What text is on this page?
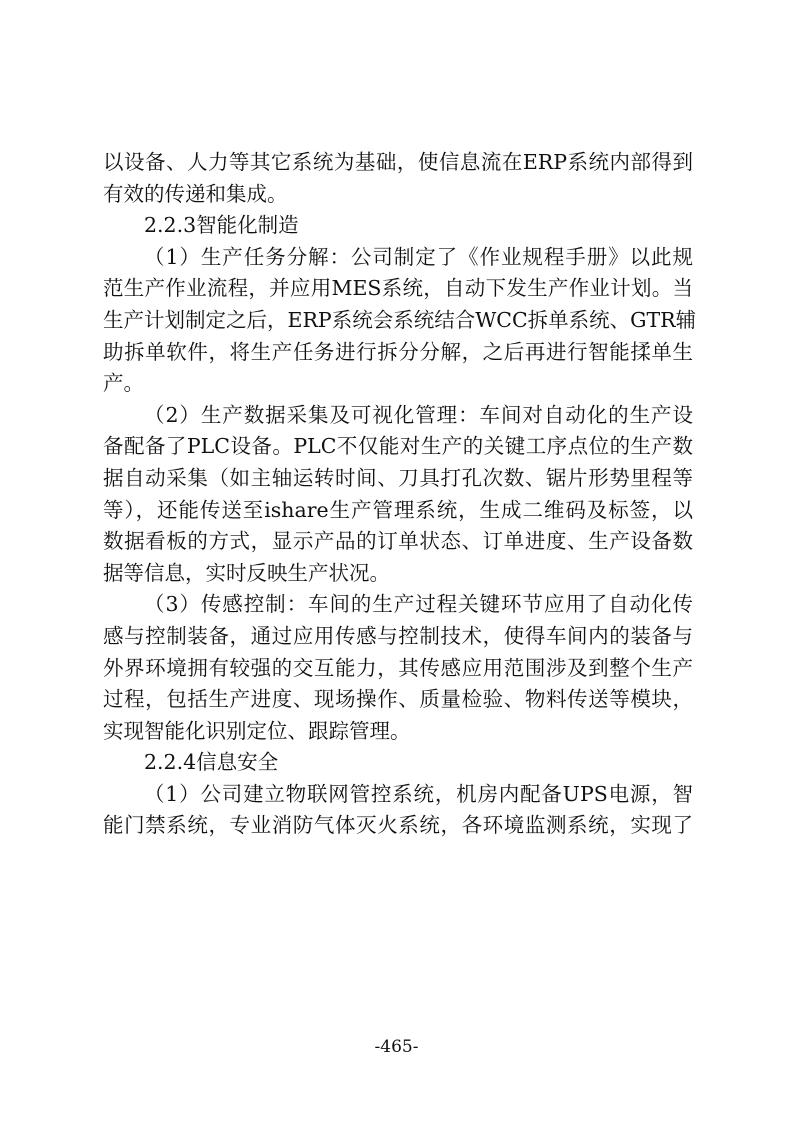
以设备、人力等其它系统为基础，使信息流在ERP系统内部得到
有效的传递和集成。
2.2.3智能化制造
（1）生产任务分解：公司制定了《作业规程手册》以此规
范生产作业流程，并应用MES系统，自动下发生产作业计划。当
生产计划制定之后，ERP系统会系统结合WCC拆单系统、GTR辅
助拆单软件，将生产任务进行拆分分解，之后再进行智能揉单生
产。
（2）生产数据采集及可视化管理：车间对自动化的生产设
备配备了PLC设备。PLC不仅能对生产的关键工序点位的生产数
据自动采集（如主轴运转时间、刀具打孔次数、锯片形势里程等
等），还能传送至ishare生产管理系统，生成二维码及标签，以
数据看板的方式，显示产品的订单状态、订单进度、生产设备数
据等信息，实时反映生产状况。
（3）传感控制：车间的生产过程关键环节应用了自动化传
感与控制装备，通过应用传感与控制技术，使得车间内的装备与
外界环境拥有较强的交互能力，其传感应用范围涉及到整个生产
过程，包括生产进度、现场操作、质量检验、物料传送等模块，
实现智能化识别定位、跟踪管理。
2.2.4信息安全
（1）公司建立物联网管控系统，机房内配备UPS电源，智
能门禁系统，专业消防气体灭火系统，各环境监测系统，实现了
-465-
